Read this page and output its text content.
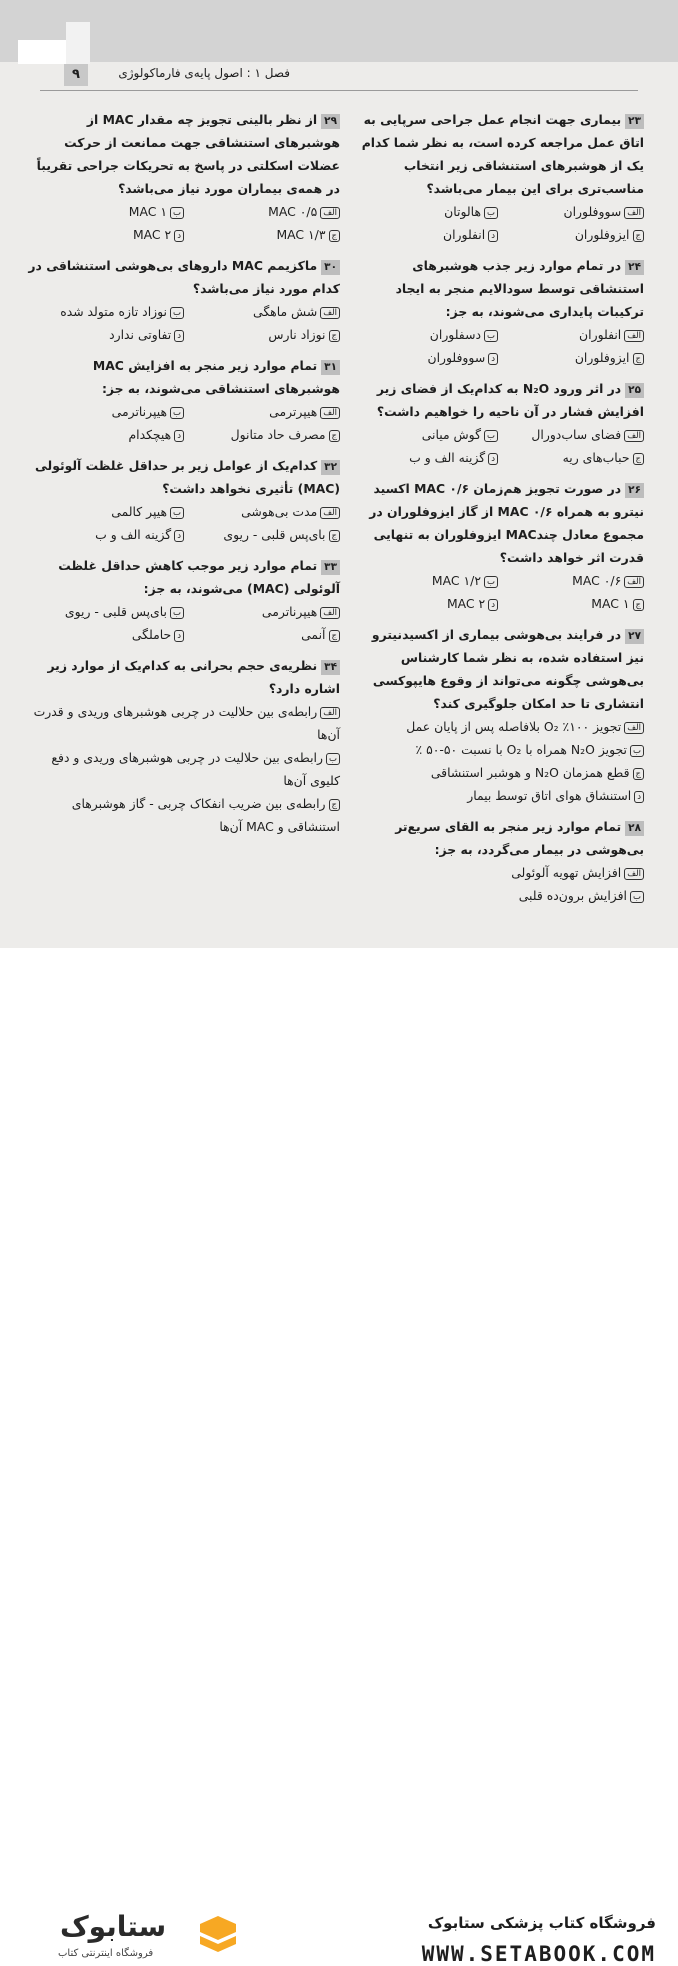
۹	فصل ۱ : اصول پایه‌ی فارماکولوژی
۲۳بیماری جهت انجام عمل جراحی سرپایی به اتاق عمل مراجعه کرده است، به نظر شما کدام یک از هوشبرهای استنشاقی زیر انتخاب مناسب‌تری برای این بیمار می‌باشد؟
الفسووفلوران
بهالوتان
جایزوفلوران
دانفلوران
۲۴در تمام موارد زیر جذب هوشبرهای استنشاقی توسط سودالایم منجر به ایجاد ترکیبات پایداری می‌شوند، به جز:
الفانفلوران
بدسفلوران
جایزوفلوران
دسووفلوران
۲۵در اثر ورود N₂O به کدام‌یک از فضای زیر افزایش فشار در آن ناحیه را خواهیم داشت؟
الففضای ساب‌دورال
بگوش میانی
جحباب‌های ریه
دگزینه الف و ب
۲۶در صورت تجویز هم‌زمان MAC ۰/۶ اکسید نیترو به همراه MAC ۰/۶ از گاز ایزوفلوران در مجموع معادل چندMAC ایزوفلوران به تنهایی قدرت اثر خواهد داشت؟
الف۰/۶ MAC
ب۱/۲ MAC
ج۱ MAC
د۲ MAC
۲۷در فرایند بی‌هوشی بیماری از اکسیدنیترو نیز استفاده شده، به نظر شما کارشناس بی‌هوشی چگونه می‌تواند از وقوع هایپوکسی انتشاری تا حد امکان جلوگیری کند؟
الفتجویز ۱۰۰٪ O₂ بلافاصله پس از پایان عمل
بتجویز N₂O همراه با O₂ با نسبت ۵۰-۵۰ ٪
جقطع همزمان N₂O و هوشبر استنشاقی
داستنشاق هوای اتاق توسط بیمار
۲۸تمام موارد زیر منجر به القای سریع‌تر بی‌هوشی در بیمار می‌گردد، به جز:
الفافزایش تهویه آلوئولی
بافزایش برون‌ده قلبی
۲۹از نظر بالینی تجویز چه مقدار MAC از هوشبرهای استنشاقی جهت ممانعت از حرکت عضلات اسکلتی در پاسخ به تحریکات جراحی تقریباً در همه‌ی بیماران مورد نیاز می‌باشد؟
الف۰/۵ MAC
ب۱ MAC
ج۱/۳ MAC
د۲ MAC
۳۰ماکزیمم MAC داروهای بی‌هوشی استنشاقی در کدام مورد نیاز می‌باشد؟
الفشش ماهگی
بنوزاد تازه متولد شده
جنوزاد نارس
دتفاوتی ندارد
۳۱تمام موارد زیر منجر به افزایش MAC هوشبرهای استنشاقی می‌شوند، به جز:
الفهیپرترمی
بهیپرناترمی
جمصرف حاد متانول
دهیچکدام
۳۲کدام‌یک از عوامل زیر بر حداقل غلظت آلوئولی (MAC) تأثیری نخواهد داشت؟
الفمدت بی‌هوشی
بهیپر کالمی
جبای‌پس قلبی - ریوی
دگزینه الف و ب
۳۳تمام موارد زیر موجب کاهش حداقل غلظت آلوئولی (MAC) می‌شوند، به جز:
الفهیپرناترمی
ببای‌پس قلبی - ریوی
جآنمی
دحاملگی
۳۴نظریه‌ی حجم بحرانی به کدام‌یک از موارد زیر اشاره دارد؟
الفرابطه‌ی بین حلالیت در چربی هوشبرهای وریدی و قدرت آن‌ها
برابطه‌ی بین حلالیت در چربی هوشبرهای وریدی و دفع کلیوی آن‌ها
جرابطه‌ی بین ضریب انفکاک چربی - گاز هوشبرهای استنشاقی و MAC آن‌ها
ستابوک
فروشگاه اینترنتی کتاب
فروشگاه کتاب پزشکی ستابوک
WWW.SETABOOK.COM
